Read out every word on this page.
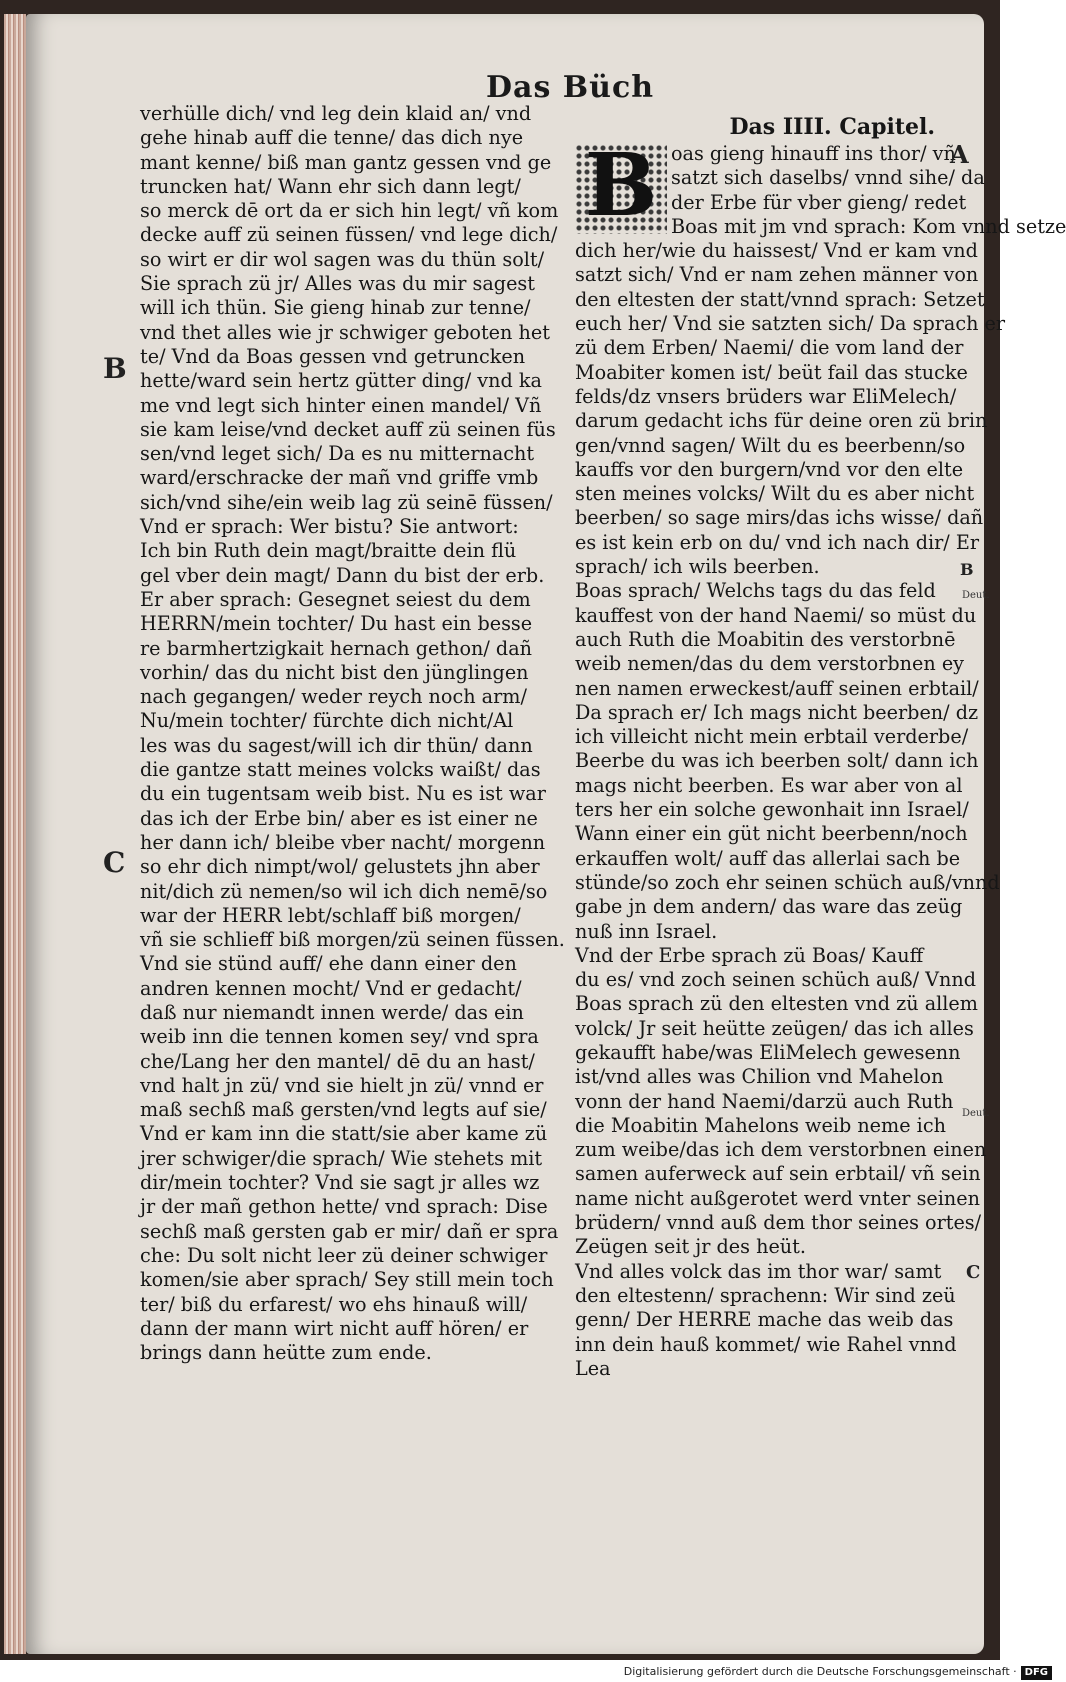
Das Büch
verhülle dich/ vnd leg dein klaid an/ vnd
gehe hinab auff die tenne/ das dich nye
mant kenne/ biß man gantz gessen vnd ge
truncken hat/ Wann ehr sich dann legt/
so merck dē ort da er sich hin legt/ vñ kom
decke auff zü seinen füssen/ vnd lege dich/
so wirt er dir wol sagen was du thün solt/
Sie sprach zü jr/ Alles was du mir sagest
will ich thün. Sie gieng hinab zur tenne/
vnd thet alles wie jr schwiger geboten het
te/ Vnd da Boas gessen vnd getruncken
hette/ward sein hertz gütter ding/ vnd ka
me vnd legt sich hinter einen mandel/ Vñ
sie kam leise/vnd decket auff zü seinen füs
sen/vnd leget sich/ Da es nu mitternacht
ward/erschracke der mañ vnd griffe vmb
sich/vnd sihe/ein weib lag zü seinē füssen/
Vnd er sprach: Wer bistu? Sie antwort:
Ich bin Ruth dein magt/braitte dein flü
gel vber dein magt/ Dann du bist der erb.
Er aber sprach: Gesegnet seiest du dem
HERRN/mein tochter/ Du hast ein besse
re barmhertzigkait hernach gethon/ dañ
vorhin/ das du nicht bist den jünglingen
nach gegangen/ weder reych noch arm/
Nu/mein tochter/ fürchte dich nicht/Al
les was du sagest/will ich dir thün/ dann
die gantze statt meines volcks waißt/ das
du ein tugentsam weib bist. Nu es ist war
das ich der Erbe bin/ aber es ist einer ne
her dann ich/ bleibe vber nacht/ morgenn
so ehr dich nimpt/wol/ gelustets jhn aber
nit/dich zü nemen/so wil ich dich nemē/so
war der HERR lebt/schlaff biß morgen/
vñ sie schlieff biß morgen/zü seinen füssen.
Vnd sie stünd auff/ ehe dann einer den
andren kennen mocht/ Vnd er gedacht/
daß nur niemandt innen werde/ das ein
weib inn die tennen komen sey/ vnd spra
che/Lang her den mantel/ dē du an hast/
vnd halt jn zü/ vnd sie hielt jn zü/ vnnd er
maß sechß maß gersten/vnd legts auf sie/
Vnd er kam inn die statt/sie aber kame zü
jrer schwiger/die sprach/ Wie stehets mit
dir/mein tochter? Vnd sie sagt jr alles wz
jr der mañ gethon hette/ vnd sprach: Dise
sechß maß gersten gab er mir/ dañ er spra
che: Du solt nicht leer zü deiner schwiger
komen/sie aber sprach/ Sey still mein toch
ter/ biß du erfarest/ wo ehs hinauß will/
dann der mann wirt nicht auff hören/ er
brings dann heütte zum ende.
Das IIII. Capitel.
B oas gieng hinauff ins thor/ vñ
satzt sich daselbs/ vnnd sihe/ da
der Erbe für vber gieng/ redet
Boas mit jm vnd sprach: Kom vnnd setze
dich her/wie du haissest/ Vnd er kam vnd
satzt sich/ Vnd er nam zehen männer von
den eltesten der statt/vnnd sprach: Setzet
euch her/ Vnd sie satzten sich/ Da sprach er
zü dem Erben/ Naemi/ die vom land der
Moabiter komen ist/ beüt fail das stucke
felds/dz vnsers brüders war EliMelech/
darum gedacht ichs für deine oren zü brin
gen/vnnd sagen/ Wilt du es beerbenn/so
kauffs vor den burgern/vnd vor den elte
sten meines volcks/ Wilt du es aber nicht
beerben/ so sage mirs/das ichs wisse/ dañ
es ist kein erb on du/ vnd ich nach dir/ Er
sprach/ ich wils beerben.
Boas sprach/ Welchs tags du das feld
kauffest von der hand Naemi/ so müst du
auch Ruth die Moabitin des verstorbnē
weib nemen/das du dem verstorbnen ey
nen namen erweckest/auff seinen erbtail/
Da sprach er/ Ich mags nicht beerben/ dz
ich villeicht nicht mein erbtail verderbe/
Beerbe du was ich beerben solt/ dann ich
mags nicht beerben. Es war aber von al
ters her ein solche gewonhait inn Israel/
Wann einer ein güt nicht beerbenn/noch
erkauffen wolt/ auff das allerlai sach be
stünde/so zoch ehr seinen schüch auß/vnnd
gabe jn dem andern/ das ware das zeüg
nuß inn Israel.
Vnd der Erbe sprach zü Boas/ Kauff
du es/ vnd zoch seinen schüch auß/ Vnnd
Boas sprach zü den eltesten vnd zü allem
volck/ Jr seit heütte zeügen/ das ich alles
gekaufft habe/was EliMelech gewesenn
ist/vnd alles was Chilion vnd Mahelon
vonn der hand Naemi/darzü auch Ruth
die Moabitin Mahelons weib neme ich
zum weibe/das ich dem verstorbnen einen
samen auferweck auf sein erbtail/ vñ sein
name nicht außgerotet werd vnter seinen
brüdern/ vnnd auß dem thor seines ortes/
Zeügen seit jr des heüt.
Vnd alles volck das im thor war/ samt
den eltestenn/ sprachenn: Wir sind zeü
genn/ Der HERRE mache das weib das
inn dein hauß kommet/ wie Rahel vnnd
Lea
B
C
A
B
C
Deut.
Deut.
Digitalisierung gefördert durch die Deutsche Forschungsgemeinschaft · DFG
